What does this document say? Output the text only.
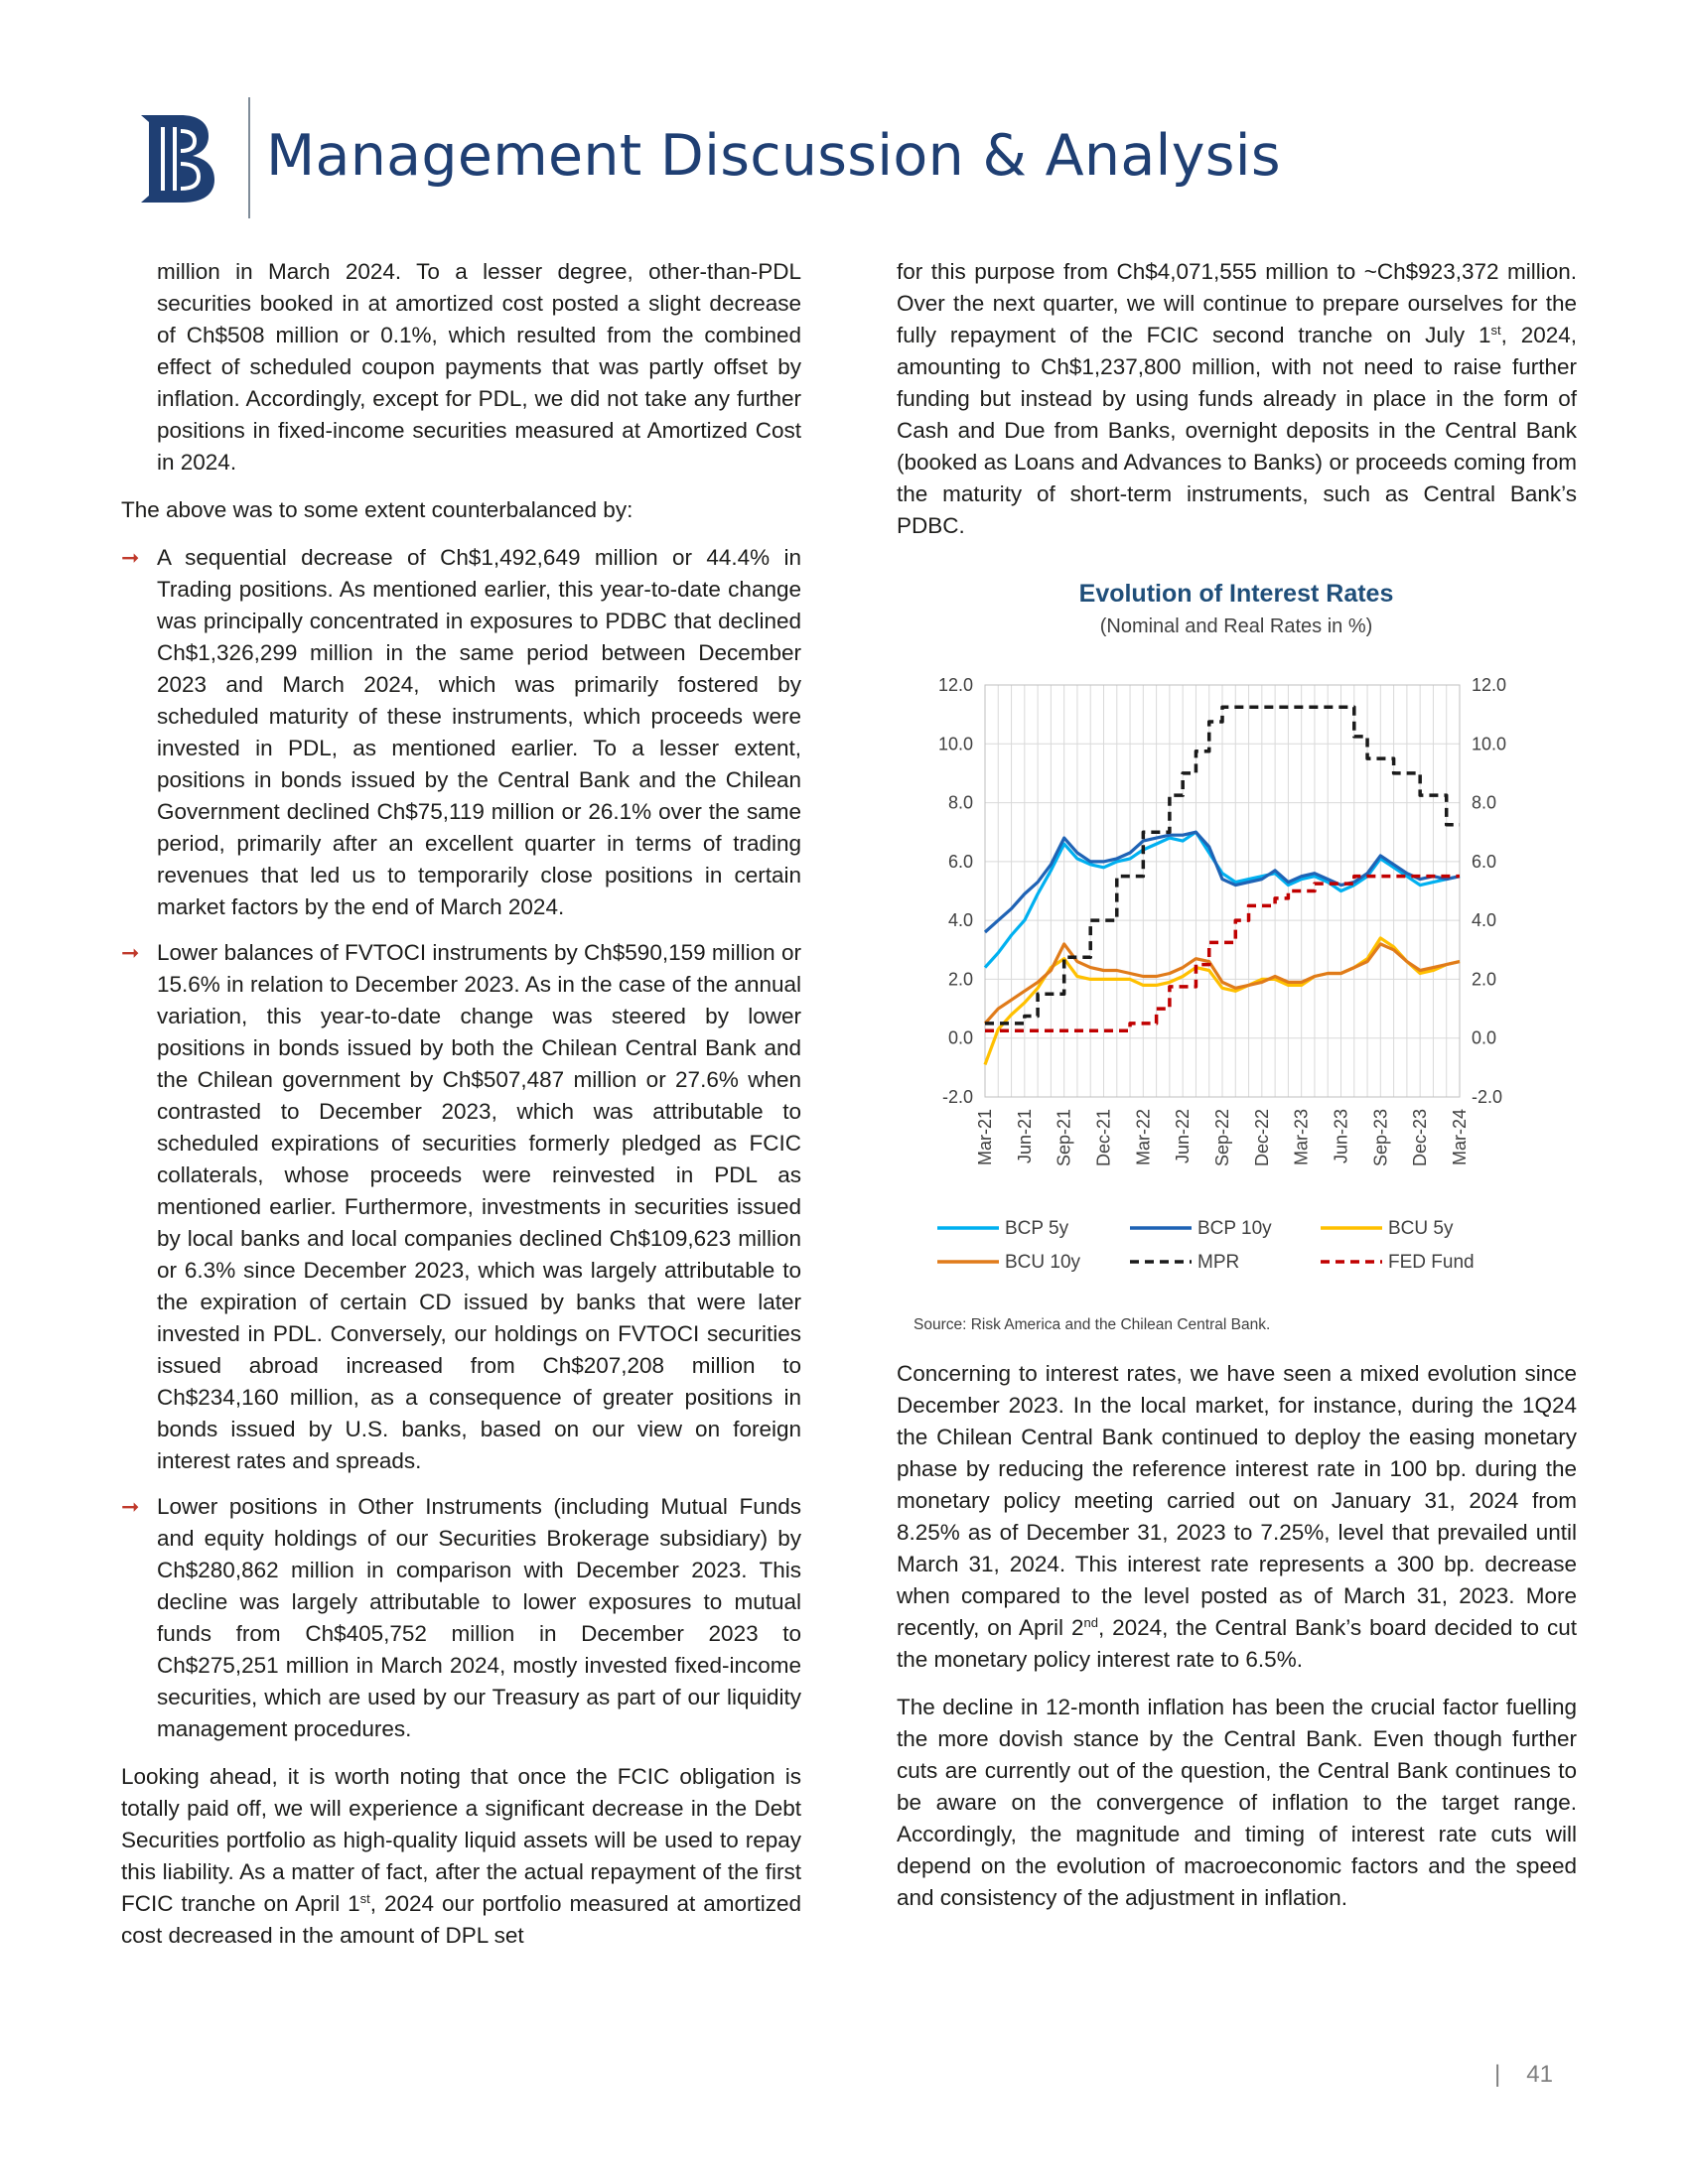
Management Discussion & Analysis

million in March 2024. To a lesser degree, other-than-PDL securities booked in at amortized cost posted a slight decrease of Ch$508 million or 0.1%, which resulted from the combined effect of scheduled coupon payments that was partly offset by inflation. Accordingly, except for PDL, we did not take any further positions in fixed-income securities measured at Amortized Cost in 2024.

The above was to some extent counterbalanced by:

➞ A sequential decrease of Ch$1,492,649 million or 44.4% in Trading positions. As mentioned earlier, this year-to-date change was principally concentrated in exposures to PDBC that declined Ch$1,326,299 million in the same period between December 2023 and March 2024, which was primarily fostered by scheduled maturity of these instruments, which proceeds were invested in PDL, as mentioned earlier. To a lesser extent, positions in bonds issued by the Central Bank and the Chilean Government declined Ch$75,119 million or 26.1% over the same period, primarily after an excellent quarter in terms of trading revenues that led us to temporarily close positions in certain market factors by the end of March 2024.
➞ Lower balances of FVTOCI instruments by Ch$590,159 million or 15.6% in relation to December 2023. As in the case of the annual variation, this year-to-date change was steered by lower positions in bonds issued by both the Chilean Central Bank and the Chilean government by Ch$507,487 million or 27.6% when contrasted to December 2023, which was attributable to scheduled expirations of securities formerly pledged as FCIC collaterals, whose proceeds were reinvested in PDL as mentioned earlier. Furthermore, investments in securities issued by local banks and local companies declined Ch$109,623 million or 6.3% since December 2023, which was largely attributable to the expiration of certain CD issued by banks that were later invested in PDL. Conversely, our holdings on FVTOCI securities issued abroad increased from Ch$207,208 million to Ch$234,160 million, as a consequence of greater positions in bonds issued by U.S. banks, based on our view on foreign interest rates and spreads.
➞ Lower positions in Other Instruments (including Mutual Funds and equity holdings of our Securities Brokerage subsidiary) by Ch$280,862 million in comparison with December 2023. This decline was largely attributable to lower exposures to mutual funds from Ch$405,752 million in December 2023 to Ch$275,251 million in March 2024, mostly invested fixed-income securities, which are used by our Treasury as part of our liquidity management procedures.

Looking ahead, it is worth noting that once the FCIC obligation is totally paid off, we will experience a significant decrease in the Debt Securities portfolio as high-quality liquid assets will be used to repay this liability. As a matter of fact, after the actual repayment of the first FCIC tranche on April 1st, 2024 our portfolio measured at amortized cost decreased in the amount of DPL set

for this purpose from Ch$4,071,555 million to ~Ch$923,372 million. Over the next quarter, we will continue to prepare ourselves for the fully repayment of the FCIC second tranche on July 1st, 2024, amounting to Ch$1,237,800 million, with not need to raise further funding but instead by using funds already in place in the form of Cash and Due from Banks, overnight deposits in the Central Bank (booked as Loans and Advances to Banks) or proceeds coming from the maturity of short-term instruments, such as Central Bank’s PDBC.

Evolution of Interest Rates
(Nominal and Real Rates in %)
-2.0	-2.0
0.0	0.0
2.0	2.0
4.0	4.0
6.0	6.0
8.0	8.0
10.0	10.0
12.0	12.0
Mar-21 Jun-21 Sep-21 Dec-21 Mar-22 Jun-22 Sep-22 Dec-22 Mar-23 Jun-23 Sep-23 Dec-23 Mar-24
BCP 5y	BCP 10y	BCU 5y
BCU 10y	MPR	FED Fund
Source: Risk America and the Chilean Central Bank.

Concerning to interest rates, we have seen a mixed evolution since December 2023. In the local market, for instance, during the 1Q24 the Chilean Central Bank continued to deploy the easing monetary phase by reducing the reference interest rate in 100 bp. during the monetary policy meeting carried out on January 31, 2024 from 8.25% as of December 31, 2023 to 7.25%, level that prevailed until March 31, 2024. This interest rate represents a 300 bp. decrease when compared to the level posted as of March 31, 2023. More recently, on April 2nd, 2024, the Central Bank’s board decided to cut the monetary policy interest rate to 6.5%.

The decline in 12-month inflation has been the crucial factor fuelling the more dovish stance by the Central Bank. Even though further cuts are currently out of the question, the Central Bank continues to be aware on the convergence of inflation to the target range. Accordingly, the magnitude and timing of interest rate cuts will depend on the evolution of macroeconomic factors and the speed and consistency of the adjustment in inflation.

| 41
